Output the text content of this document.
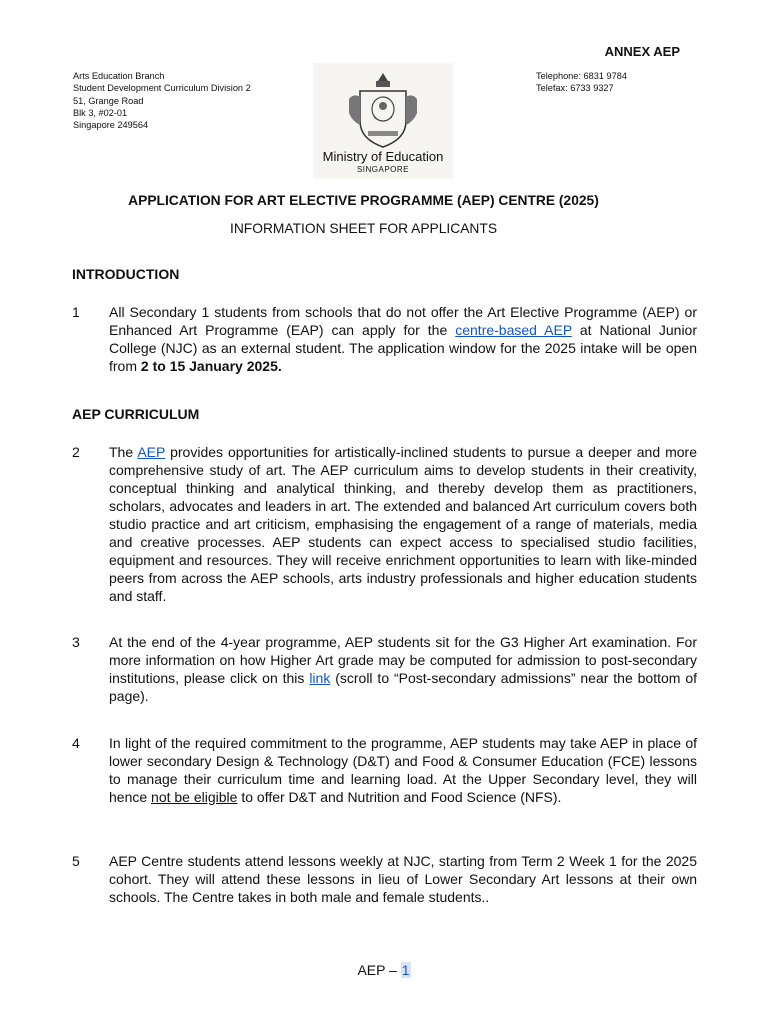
ANNEX AEP
Arts Education Branch
Student Development Curriculum Division 2
51, Grange Road
Blk 3, #02-01
Singapore 249564
Telephone: 6831 9784
Telefax: 6733 9327
Ministry of Education
SINGAPORE
APPLICATION FOR ART ELECTIVE PROGRAMME (AEP) CENTRE (2025)
INFORMATION SHEET FOR APPLICANTS
INTRODUCTION
1 All Secondary 1 students from schools that do not offer the Art Elective Programme (AEP) or Enhanced Art Programme (EAP) can apply for the centre-based AEP at National Junior College (NJC) as an external student. The application window for the 2025 intake will be open from 2 to 15 January 2025.
AEP CURRICULUM
2 The AEP provides opportunities for artistically-inclined students to pursue a deeper and more comprehensive study of art. The AEP curriculum aims to develop students in their creativity, conceptual thinking and analytical thinking, and thereby develop them as practitioners, scholars, advocates and leaders in art. The extended and balanced Art curriculum covers both studio practice and art criticism, emphasising the engagement of a range of materials, media and creative processes. AEP students can expect access to specialised studio facilities, equipment and resources. They will receive enrichment opportunities to learn with like-minded peers from across the AEP schools, arts industry professionals and higher education students and staff.
3 At the end of the 4-year programme, AEP students sit for the G3 Higher Art examination. For more information on how Higher Art grade may be computed for admission to post-secondary institutions, please click on this link (scroll to “Post-secondary admissions” near the bottom of page).
4 In light of the required commitment to the programme, AEP students may take AEP in place of lower secondary Design & Technology (D&T) and Food & Consumer Education (FCE) lessons to manage their curriculum time and learning load. At the Upper Secondary level, they will hence not be eligible to offer D&T and Nutrition and Food Science (NFS).
5 AEP Centre students attend lessons weekly at NJC, starting from Term 2 Week 1 for the 2025 cohort. They will attend these lessons in lieu of Lower Secondary Art lessons at their own schools. The Centre takes in both male and female students..
AEP – 1
